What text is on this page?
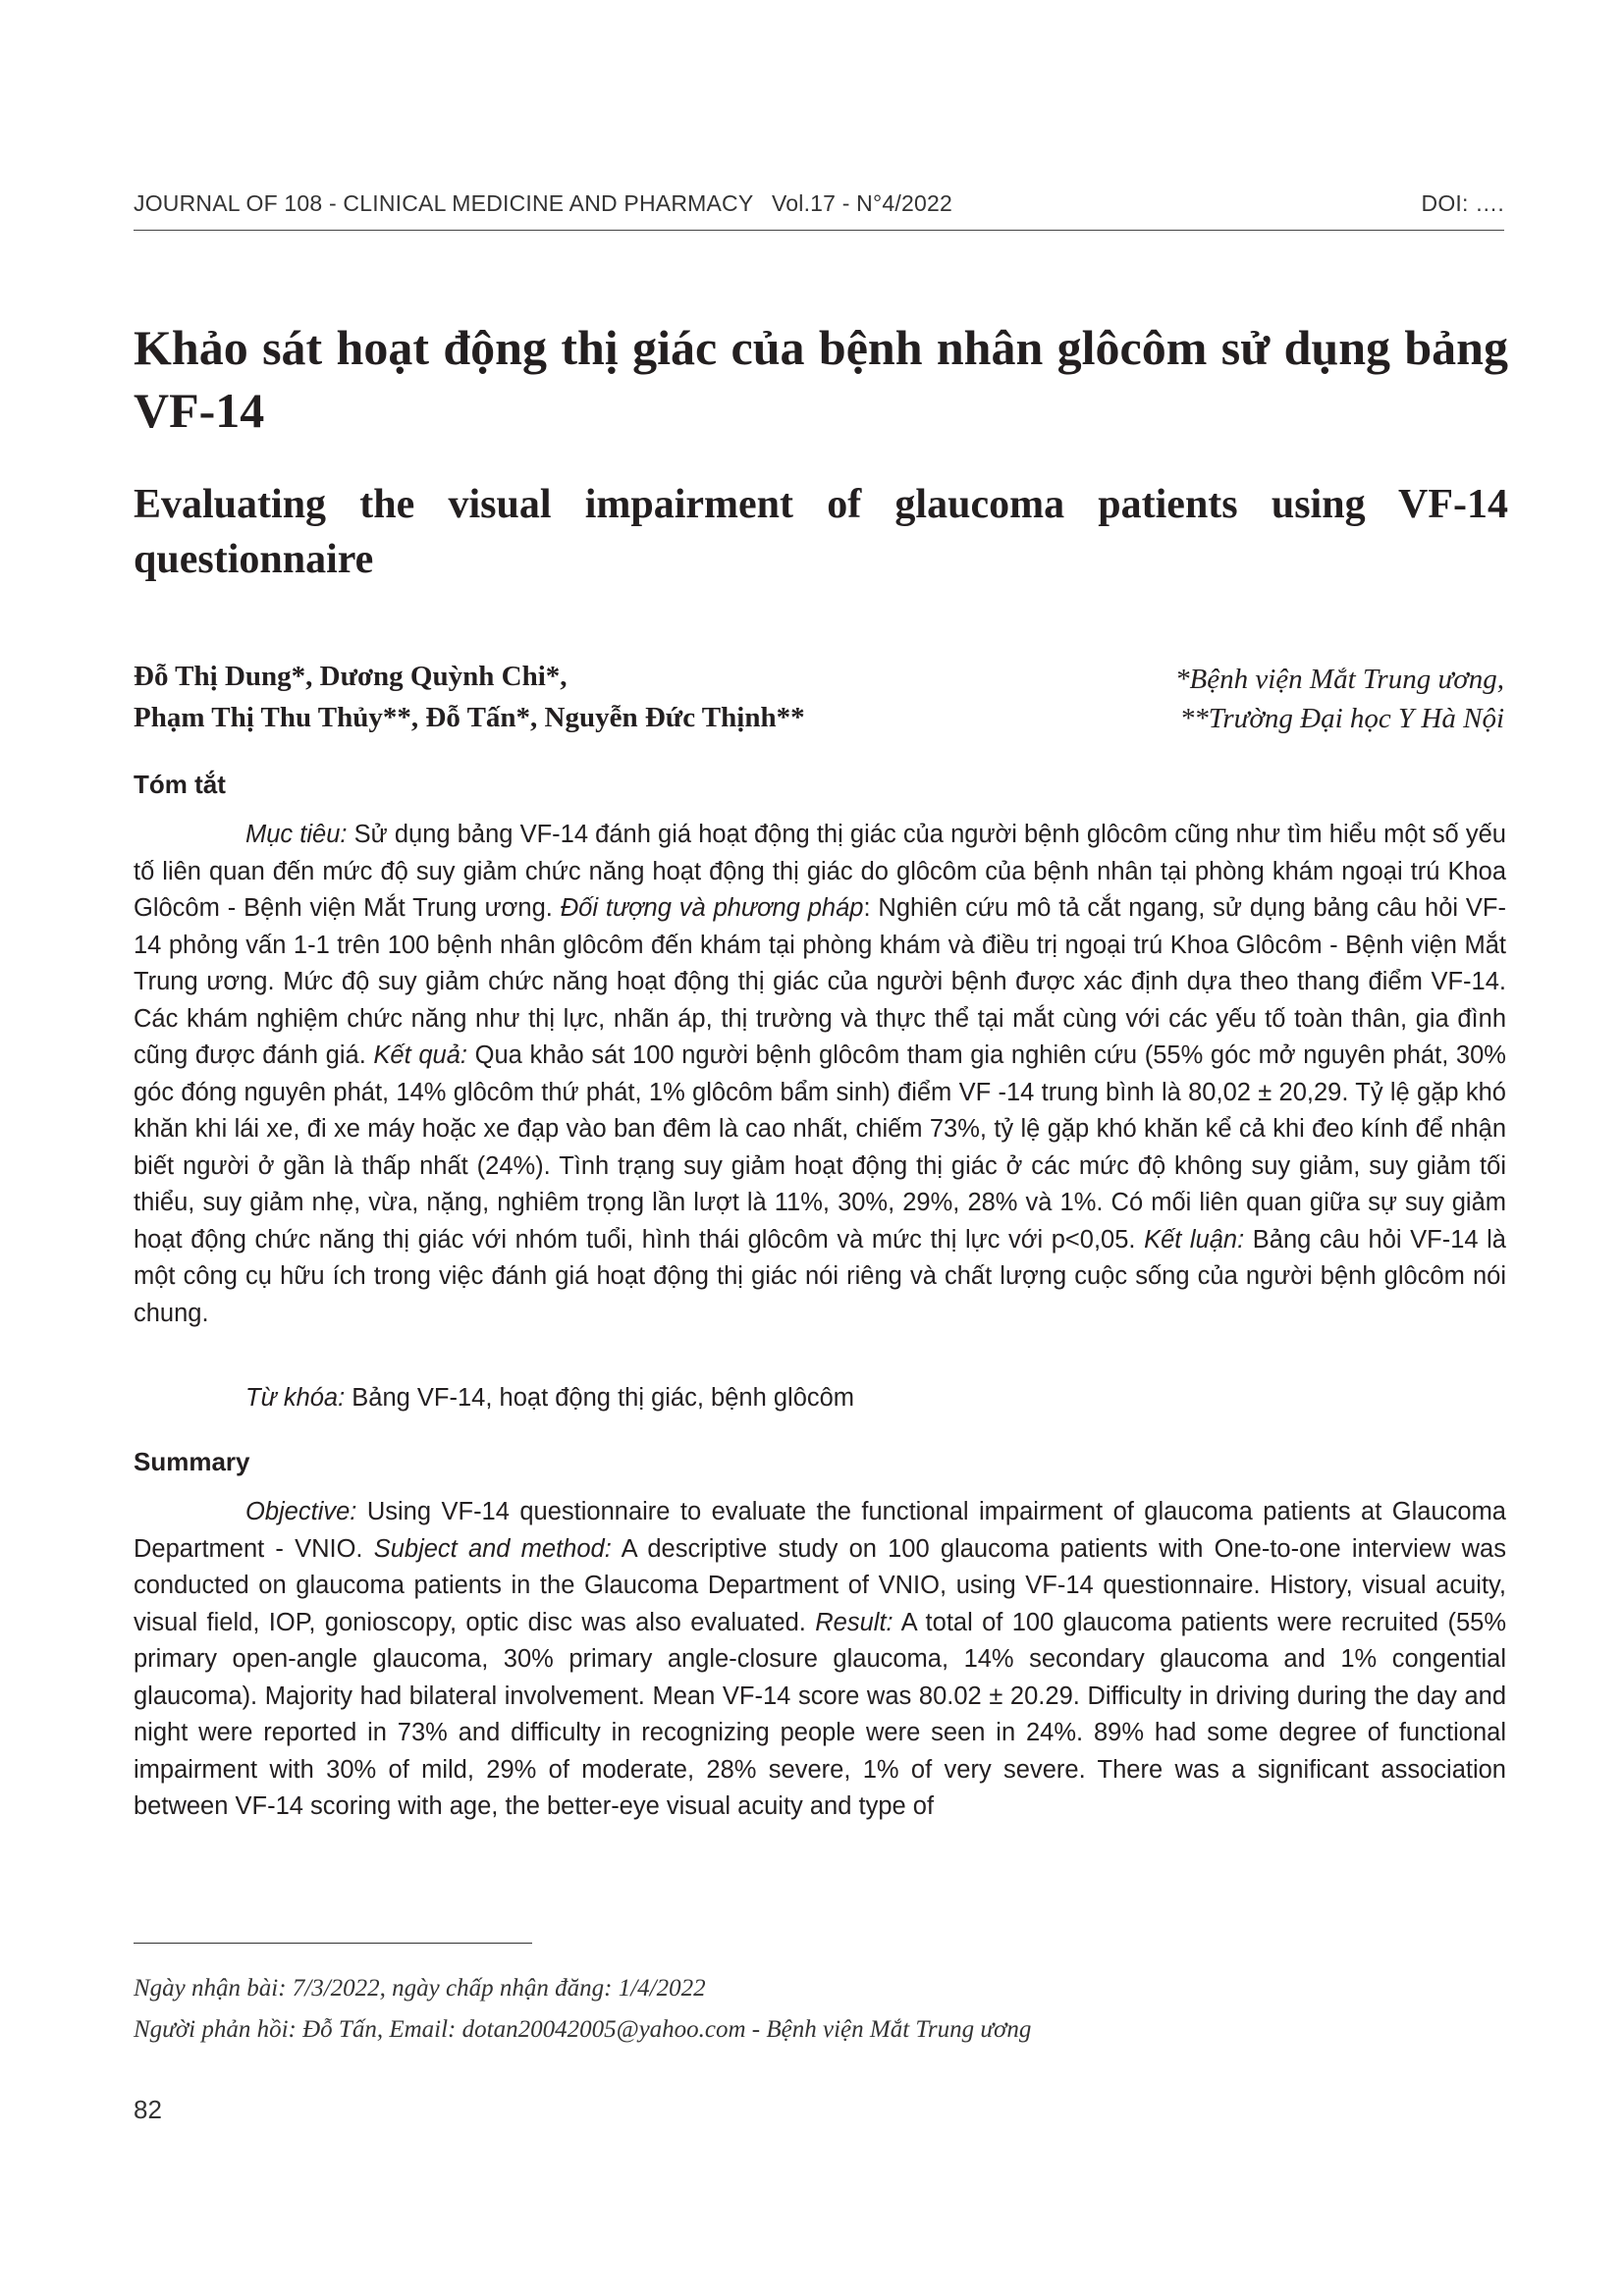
JOURNAL OF 108 - CLINICAL MEDICINE AND PHARMACY Vol.17 - N°4/2022	DOI: ….
Khảo sát hoạt động thị giác của bệnh nhân glôcôm sử dụng bảng VF-14
Evaluating the visual impairment of glaucoma patients using VF-14 questionnaire
Đỗ Thị Dung*, Dương Quỳnh Chi*,
Phạm Thị Thu Thủy**, Đỗ Tấn*, Nguyễn Đức Thịnh**
*Bệnh viện Mắt Trung ương,
**Trường Đại học Y Hà Nội
Tóm tắt

Mục tiêu: Sử dụng bảng VF-14 đánh giá hoạt động thị giác của người bệnh glôcôm cũng như tìm hiểu một số yếu tố liên quan đến mức độ suy giảm chức năng hoạt động thị giác do glôcôm của bệnh nhân tại phòng khám ngoại trú Khoa Glôcôm - Bệnh viện Mắt Trung ương. Đối tượng và phương pháp: Nghiên cứu mô tả cắt ngang, sử dụng bảng câu hỏi VF-14 phỏng vấn 1-1 trên 100 bệnh nhân glôcôm đến khám tại phòng khám và điều trị ngoại trú Khoa Glôcôm - Bệnh viện Mắt Trung ương. Mức độ suy giảm chức năng hoạt động thị giác của người bệnh được xác định dựa theo thang điểm VF-14. Các khám nghiệm chức năng như thị lực, nhãn áp, thị trường và thực thể tại mắt cùng với các yếu tố toàn thân, gia đình cũng được đánh giá. Kết quả: Qua khảo sát 100 người bệnh glôcôm tham gia nghiên cứu (55% góc mở nguyên phát, 30% góc đóng nguyên phát, 14% glôcôm thứ phát, 1% glôcôm bẩm sinh) điểm VF -14 trung bình là 80,02 ± 20,29. Tỷ lệ gặp khó khăn khi lái xe, đi xe máy hoặc xe đạp vào ban đêm là cao nhất, chiếm 73%, tỷ lệ gặp khó khăn kể cả khi đeo kính để nhận biết người ở gần là thấp nhất (24%). Tình trạng suy giảm hoạt động thị giác ở các mức độ không suy giảm, suy giảm tối thiểu, suy giảm nhẹ, vừa, nặng, nghiêm trọng lần lượt là 11%, 30%, 29%, 28% và 1%. Có mối liên quan giữa sự suy giảm hoạt động chức năng thị giác với nhóm tuổi, hình thái glôcôm và mức thị lực với p<0,05. Kết luận: Bảng câu hỏi VF-14 là một công cụ hữu ích trong việc đánh giá hoạt động thị giác nói riêng và chất lượng cuộc sống của người bệnh glôcôm nói chung.

Từ khóa: Bảng VF-14, hoạt động thị giác, bệnh glôcôm

Summary

Objective: Using VF-14 questionnaire to evaluate the functional impairment of glaucoma patients at Glaucoma Department - VNIO. Subject and method: A descriptive study on 100 glaucoma patients with One-to-one interview was conducted on glaucoma patients in the Glaucoma Department of VNIO, using VF-14 questionnaire. History, visual acuity, visual field, IOP, gonioscopy, optic disc was also evaluated. Result: A total of 100 glaucoma patients were recruited (55% primary open-angle glaucoma, 30% primary angle-closure glaucoma, 14% secondary glaucoma and 1% congential glaucoma). Majority had bilateral involvement. Mean VF-14 score was 80.02 ± 20.29. Difficulty in driving during the day and night were reported in 73% and difficulty in recognizing people were seen in 24%. 89% had some degree of functional impairment with 30% of mild, 29% of moderate, 28% severe, 1% of very severe. There was a significant association between VF-14 scoring with age, the better-eye visual acuity and type of

Ngày nhận bài: 7/3/2022, ngày chấp nhận đăng: 1/4/2022

Người phản hồi: Đỗ Tấn, Email: dotan20042005@yahoo.com - Bệnh viện Mắt Trung ương

82
